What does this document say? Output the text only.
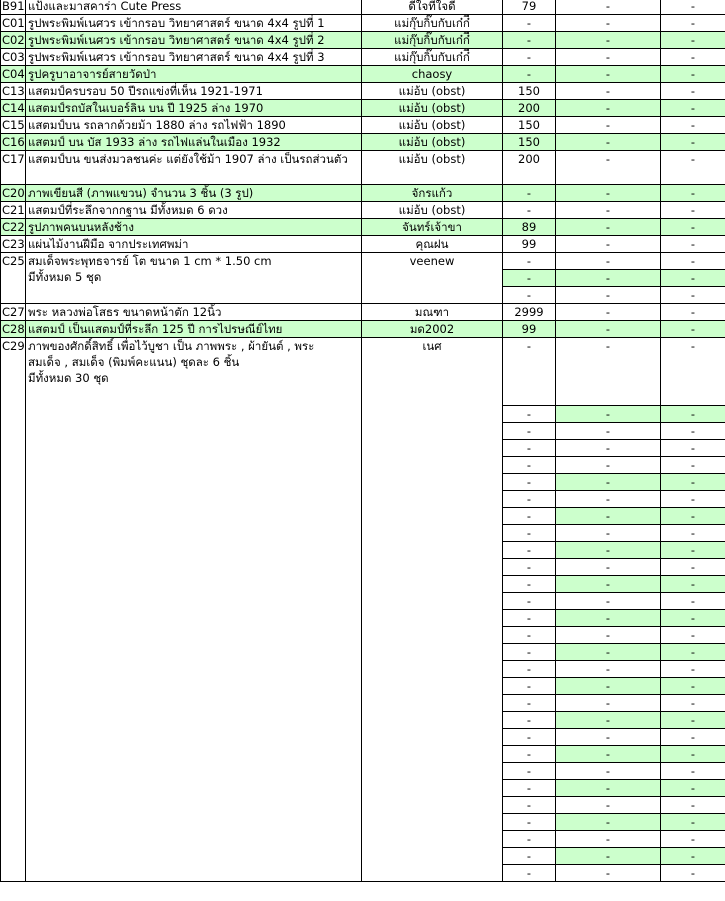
B91	แป้งและมาสคาร่า Cute Press	ดีใจที่ใจดี	79	-	-
C01	รูปพระพิมพ์เนศวร เข้ากรอบ วิทยาศาสตร์ ขนาด 4x4 รูปที่ 1	แม่กุ๊บกิ๊บกับเก๋ก๋ี้	-	-	-
C02	รูปพระพิมพ์เนศวร เข้ากรอบ วิทยาศาสตร์ ขนาด 4x4 รูปที่ 2	แม่กุ๊บกิ๊บกับเก๋ก๋ี้	-	-	-
C03	รูปพระพิมพ์เนศวร เข้ากรอบ วิทยาศาสตร์ ขนาด 4x4 รูปที่ 3	แม่กุ๊บกิ๊บกับเก๋ก๋ี้	-	-	-
C04	รูปครูบาอาจารย์สายวัดป่า	chaosy	-	-	-
C13	แสตมป์ครบรอบ 50 ปีรถแข่งที่เห็น 1921-1971	แม่อ้บ (obst)	150	-	-
C14	แสตมป์รถบัสในเบอร์ลิน บน ปี 1925 ล่าง 1970	แม่อ้บ (obst)	200	-	-
C15	แสตมป์บน รถลากด้วยม้า 1880 ล่าง รถไฟฟ้า 1890	แม่อ้บ (obst)	150	-	-
C16	แสตมป์ บน บัส 1933 ล่าง รถไฟแล่นในเมือง 1932	แม่อ้บ (obst)	150	-	-
C17	แสตมป์บน ขนส่งมวลชนค่ะ แต่ยังใช้ม้า 1907 ล่าง เป็นรถส่วนตัว	แม่อ้บ (obst)	200	-	-
C20	ภาพเขียนสี (ภาพแขวน) จำนวน 3 ชิ้น (3 รูป)	จักรแก้ว	-	-	-
C21	แสตมป์ที่ระลึกจากกฐาน มีทั้งหมด 6 ดวง	แม่อ้บ (obst)	-	-	-
C22	รูปภาพคนบนหลังช้าง	จันทร์เจ้าขา	89	-	-
C23	แผ่นไม้งานฝีมือ จากประเทศพม่า	คุณฝน	99	-	-
C25	สมเด็จพระพุทธจารย์ โต ขนาด 1 cm * 1.50 cm
มีทั้งหมด 5 ชุด	veenew	-	-	-
			-	-	-
			-	-	-
C27	พระ หลวงพ่อโสธร ขนาดหน้าตัก 12นิ้ว	มณฑา	2999	-	-
C28	แสตมป์ เป็นแสตมป์ที่ระลึก 125 ปี การไปรษณีย์ไทย	มด2002	99	-	-
C29	ภาพของศักดิ์สิทธิ์ เพื่อไว้บูชา เป็น ภาพพระ , ผ้ายันต์ , พระ
สมเด็จ , สมเด็จ (พิมพ์คะแนน) ชุดละ 6 ชิ้น
มีทั้งหมด 30 ชุด	เนศ	-	-	-
			-	-	-
			-	-	-
			-	-	-
			-	-	-
			-	-	-
			-	-	-
			-	-	-
			-	-	-
			-	-	-
			-	-	-
			-	-	-
			-	-	-
			-	-	-
			-	-	-
			-	-	-
			-	-	-
			-	-	-
			-	-	-
			-	-	-
			-	-	-
			-	-	-
			-	-	-
			-	-	-
			-	-	-
			-	-	-
			-	-	-
			-	-	-
			-	-	-
